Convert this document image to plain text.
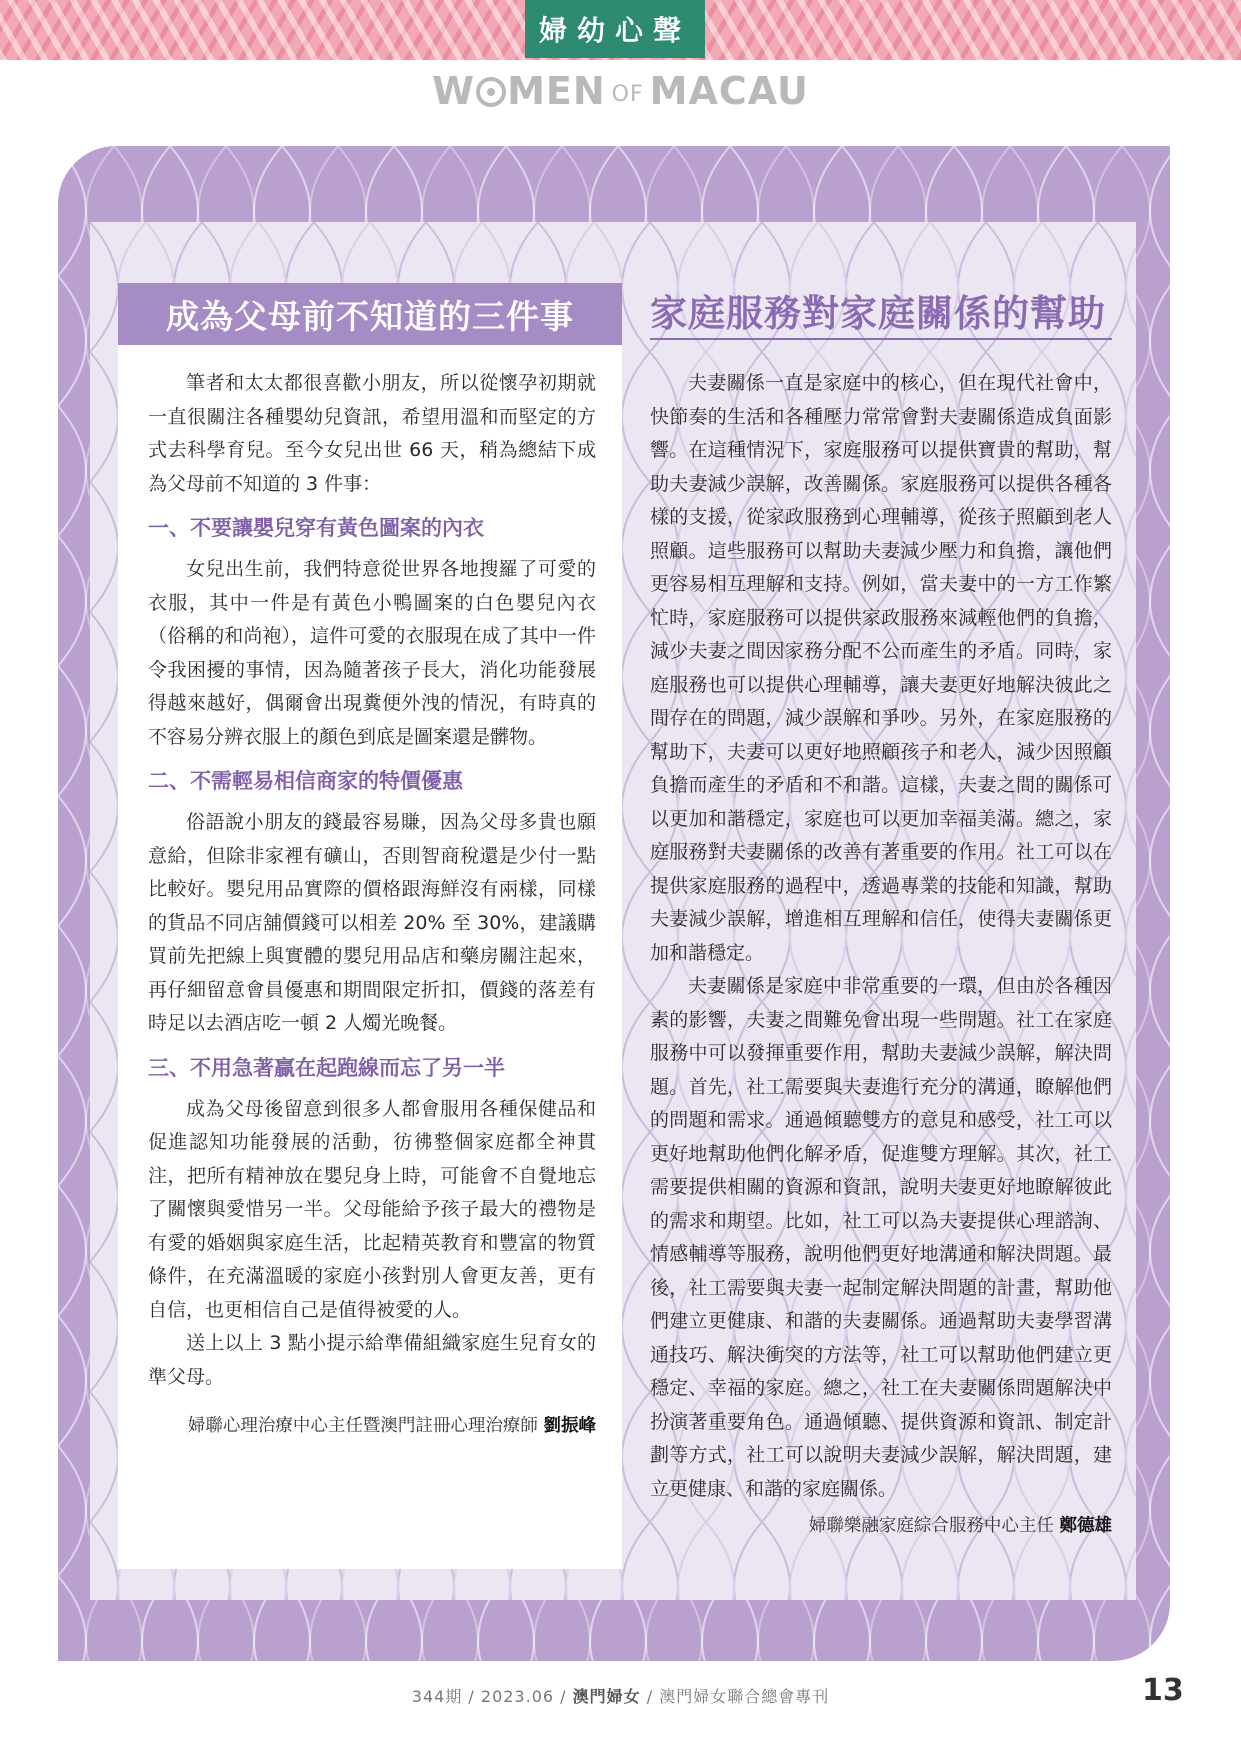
婦幼心聲
W MEN OF MACAU
成為父母前不知道的三件事

筆者和太太都很喜歡小朋友，所以從懷孕初期就一直很關注各種嬰幼兒資訊，希望用溫和而堅定的方式去科學育兒。至今女兒出世 66 天，稍為總結下成為父母前不知道的 3 件事：

一、不要讓嬰兒穿有黃色圖案的內衣

女兒出生前，我們特意從世界各地搜羅了可愛的衣服，其中一件是有黃色小鴨圖案的白色嬰兒內衣（俗稱的和尚袍），這件可愛的衣服現在成了其中一件令我困擾的事情，因為隨著孩子長大，消化功能發展得越來越好，偶爾會出現糞便外洩的情況，有時真的不容易分辨衣服上的顏色到底是圖案還是髒物。

二、不需輕易相信商家的特價優惠

俗語說小朋友的錢最容易賺，因為父母多貴也願意給，但除非家裡有礦山，否則智商稅還是少付一點比較好。嬰兒用品實際的價格跟海鮮沒有兩樣，同樣的貨品不同店舖價錢可以相差 20% 至 30%，建議購買前先把線上與實體的嬰兒用品店和藥房關注起來，再仔細留意會員優惠和期間限定折扣，價錢的落差有時足以去酒店吃一頓 2 人燭光晚餐。

三、不用急著贏在起跑線而忘了另一半

成為父母後留意到很多人都會服用各種保健品和促進認知功能發展的活動，彷彿整個家庭都全神貫注，把所有精神放在嬰兒身上時，可能會不自覺地忘了關懷與愛惜另一半。父母能給予孩子最大的禮物是有愛的婚姻與家庭生活，比起精英教育和豐富的物質條件，在充滿溫暖的家庭小孩對別人會更友善，更有自信，也更相信自己是值得被愛的人。

送上以上 3 點小提示給準備組織家庭生兒育女的準父母。

婦聯心理治療中心主任暨澳門註冊心理治療師 劉振峰
家庭服務對家庭關係的幫助

夫妻關係一直是家庭中的核心，但在現代社會中，快節奏的生活和各種壓力常常會對夫妻關係造成負面影響。在這種情況下，家庭服務可以提供寶貴的幫助，幫助夫妻減少誤解，改善關係。家庭服務可以提供各種各樣的支援，從家政服務到心理輔導，從孩子照顧到老人照顧。這些服務可以幫助夫妻減少壓力和負擔，讓他們更容易相互理解和支持。例如，當夫妻中的一方工作繁忙時，家庭服務可以提供家政服務來減輕他們的負擔，減少夫妻之間因家務分配不公而產生的矛盾。同時，家庭服務也可以提供心理輔導，讓夫妻更好地解決彼此之間存在的問題，減少誤解和爭吵。另外，在家庭服務的幫助下，夫妻可以更好地照顧孩子和老人，減少因照顧負擔而產生的矛盾和不和諧。這樣，夫妻之間的關係可以更加和諧穩定，家庭也可以更加幸福美滿。總之，家庭服務對夫妻關係的改善有著重要的作用。社工可以在提供家庭服務的過程中，透過專業的技能和知識，幫助夫妻減少誤解，增進相互理解和信任，使得夫妻關係更加和諧穩定。

夫妻關係是家庭中非常重要的一環，但由於各種因素的影響，夫妻之間難免會出現一些問題。社工在家庭服務中可以發揮重要作用，幫助夫妻減少誤解，解決問題。首先，社工需要與夫妻進行充分的溝通，瞭解他們的問題和需求。通過傾聽雙方的意見和感受，社工可以更好地幫助他們化解矛盾，促進雙方理解。其次，社工需要提供相關的資源和資訊，說明夫妻更好地瞭解彼此的需求和期望。比如，社工可以為夫妻提供心理諮詢、情感輔導等服務，說明他們更好地溝通和解決問題。最後，社工需要與夫妻一起制定解決問題的計畫，幫助他們建立更健康、和諧的夫妻關係。通過幫助夫妻學習溝通技巧、解決衝突的方法等，社工可以幫助他們建立更穩定、幸福的家庭。總之，社工在夫妻關係問題解決中扮演著重要角色。通過傾聽、提供資源和資訊、制定計劃等方式，社工可以說明夫妻減少誤解，解決問題，建立更健康、和諧的家庭關係。

婦聯樂融家庭綜合服務中心主任 鄭德雄
344期 / 2023.06 / 澳門婦女 / 澳門婦女聯合總會專刊	13
